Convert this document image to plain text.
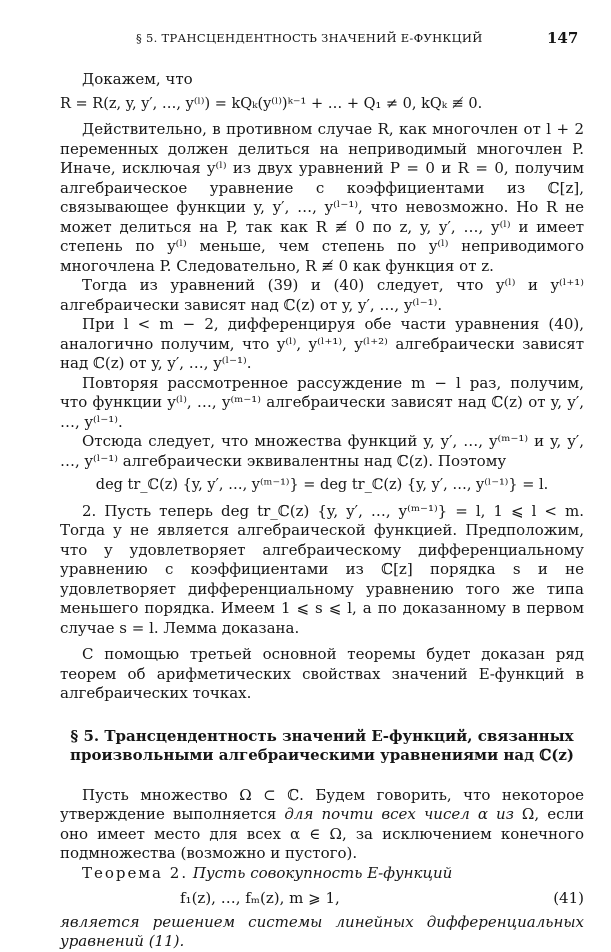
§ 5. ТРАНСЦЕНДЕНТНОСТЬ ЗНАЧЕНИЙ Е-ФУНКЦИЙ	147

Докажем, что

R = R(z, y, y′, …, y⁽ˡ⁾) = kQₖ(y⁽ˡ⁾)ᵏ⁻¹ + … + Q₁ ≠ 0, kQₖ ≢ 0.

Действительно, в противном случае R, как многочлен от l + 2 переменных должен делиться на неприводимый многочлен P. Иначе, исключая y⁽ˡ⁾ из двух уравнений P = 0 и R = 0, получим алгебраическое уравнение с коэффициентами из ℂ[z], связывающее функции y, y′, …, y⁽ˡ⁻¹⁾, что невозможно. Но R не может делиться на P, так как R ≢ 0 по z, y, y′, …, y⁽ˡ⁾ и имеет степень по y⁽ˡ⁾ меньше, чем степень по y⁽ˡ⁾ неприводимого многочлена P. Следовательно, R ≢ 0 как функция от z.

Тогда из уравнений (39) и (40) следует, что y⁽ˡ⁾ и y⁽ˡ⁺¹⁾ алгебраически зависят над ℂ(z) от y, y′, …, y⁽ˡ⁻¹⁾.

При l < m − 2, дифференцируя обе части уравнения (40), аналогично получим, что y⁽ˡ⁾, y⁽ˡ⁺¹⁾, y⁽ˡ⁺²⁾ алгебраически зависят над ℂ(z) от y, y′, …, y⁽ˡ⁻¹⁾.

Повторяя рассмотренное рассуждение m − l раз, получим, что функции y⁽ˡ⁾, …, y⁽ᵐ⁻¹⁾ алгебраически зависят над ℂ(z) от y, y′, …, y⁽ˡ⁻¹⁾.

Отсюда следует, что множества функций y, y′, …, y⁽ᵐ⁻¹⁾ и y, y′, …, y⁽ˡ⁻¹⁾ алгебраически эквивалентны над ℂ(z). Поэтому

deg tr_ℂ(z) {y, y′, …, y⁽ᵐ⁻¹⁾} = deg tr_ℂ(z) {y, y′, …, y⁽ˡ⁻¹⁾} = l.

2. Пусть теперь deg tr_ℂ(z) {y, y′, …, y⁽ᵐ⁻¹⁾} = l, 1 ⩽ l < m. Тогда y не является алгебраической функцией. Предположим, что y удовлетворяет алгебраическому дифференциальному уравнению с коэффициентами из ℂ[z] порядка s и не удовлетворяет дифференциальному уравнению того же типа меньшего порядка. Имеем 1 ⩽ s ⩽ l, а по доказанному в первом случае s = l. Лемма доказана.

С помощью третьей основной теоремы будет доказан ряд теорем об арифметических свойствах значений Е-функций в алгебраических точках.

§ 5. Трансцендентность значений Е-функций, связанных произвольными алгебраическими уравнениями над ℂ(z)

Пусть множество Ω ⊂ ℂ. Будем говорить, что некоторое утверждение выполняется для почти всех чисел α из Ω, если оно имеет место для всех α ∈ Ω, за исключением конечного подмножества (возможно и пустого).

Теорема 2. Пусть совокупность Е-функций

f₁(z), …, fₘ(z), m ⩾ 1,	(41)

является решением системы линейных дифференциальных уравнений (11).
